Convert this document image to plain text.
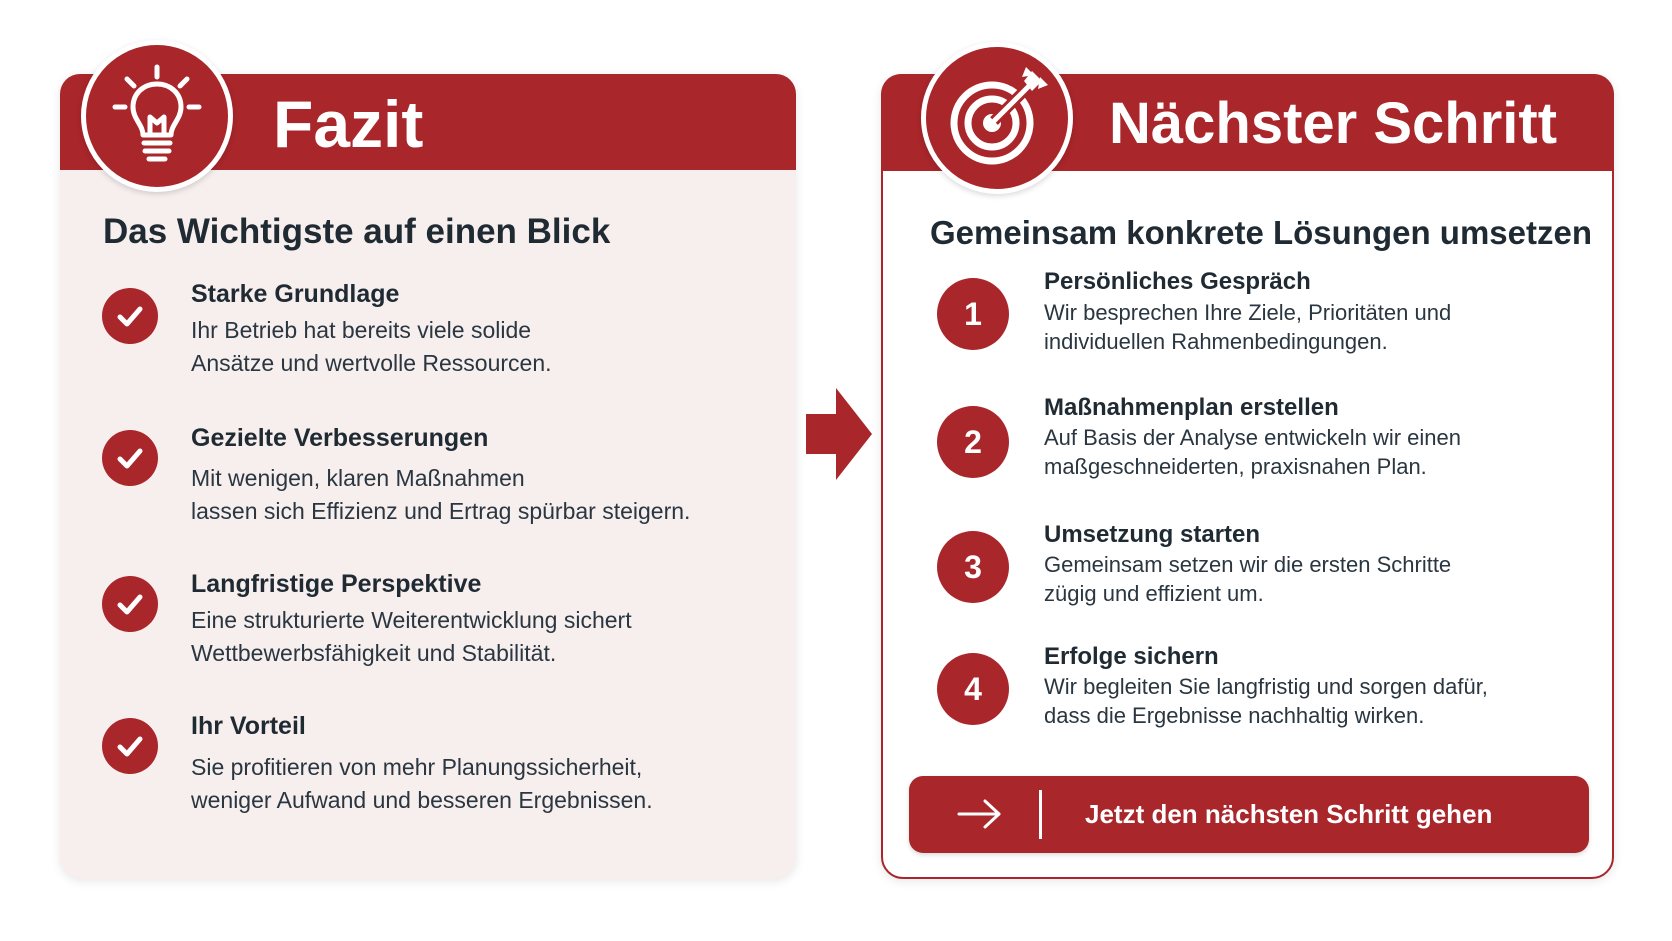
Fazit
Das Wichtigste auf einen Blick
Starke Grundlage
Ihr Betrieb hat bereits viele solide
Ansätze und wertvolle Ressourcen.
Gezielte Verbesserungen
Mit wenigen, klaren Maßnahmen
lassen sich Effizienz und Ertrag spürbar steigern.
Langfristige Perspektive
Eine strukturierte Weiterentwicklung sichert
Wettbewerbsfähigkeit und Stabilität.
Ihr Vorteil
Sie profitieren von mehr Planungssicherheit,
weniger Aufwand und besseren Ergebnissen.
Nächster Schritt
Gemeinsam konkrete Lösungen umsetzen
1
Persönliches Gespräch
Wir besprechen Ihre Ziele, Prioritäten und
individuellen Rahmenbedingungen.
2
Maßnahmenplan erstellen
Auf Basis der Analyse entwickeln wir einen
maßgeschneiderten, praxisnahen Plan.
3
Umsetzung starten
Gemeinsam setzen wir die ersten Schritte
zügig und effizient um.
4
Erfolge sichern
Wir begleiten Sie langfristig und sorgen dafür,
dass die Ergebnisse nachhaltig wirken.
Jetzt den nächsten Schritt gehen
